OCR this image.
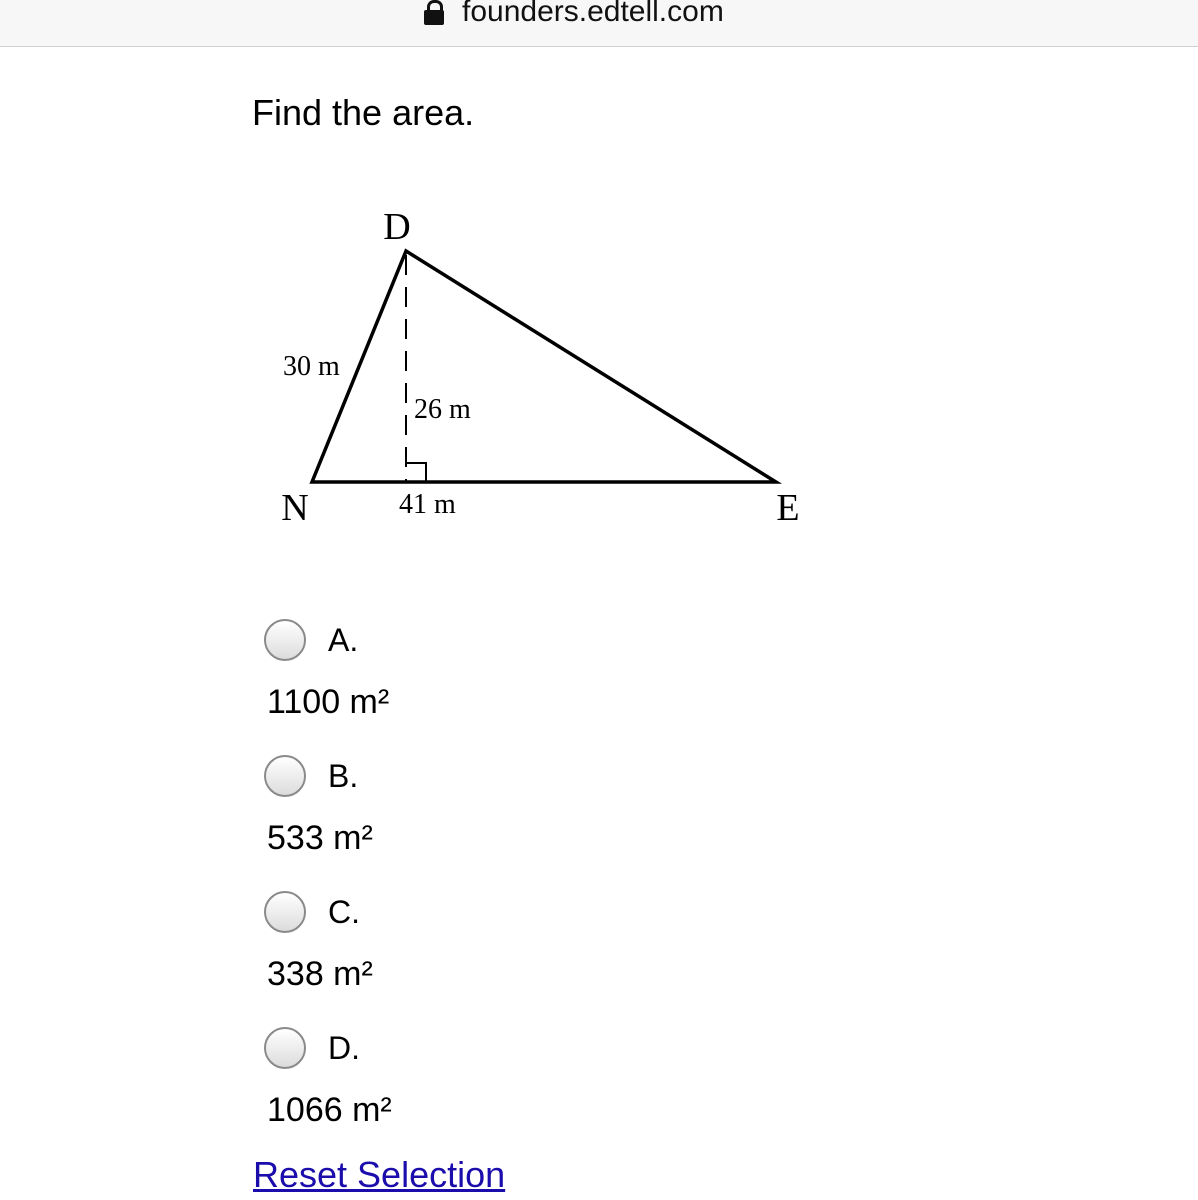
founders.edtell.com
Find the area.
D
N	E
30 m
26 m
41 m
A.
1100 m²
B.
533 m²
C.
338 m²
D.
1066 m²
Reset Selection
